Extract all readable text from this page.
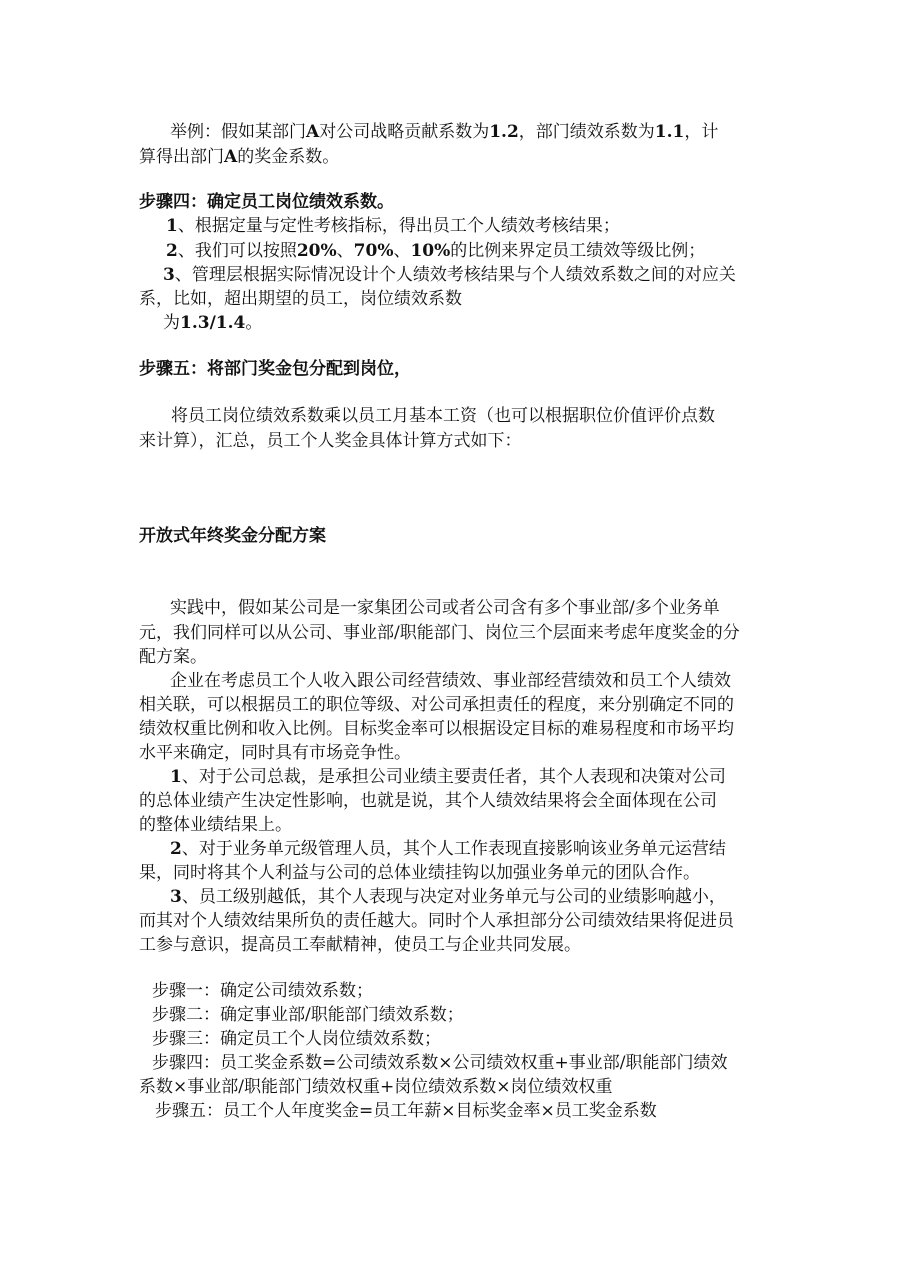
举例：假如某部门A对公司战略贡献系数为1.2，部门绩效系数为1.1，计
算得出部门A的奖金系数。
步骤四：确定员工岗位绩效系数。
1、根据定量与定性考核指标，得出员工个人绩效考核结果；
2、我们可以按照20%、70%、10%的比例来界定员工绩效等级比例；
3、管理层根据实际情况设计个人绩效考核结果与个人绩效系数之间的对应关
系，比如，超出期望的员工，岗位绩效系数
为1.3/1.4。
步骤五：将部门奖金包分配到岗位，
将员工岗位绩效系数乘以员工月基本工资（也可以根据职位价值评价点数
来计算），汇总，员工个人奖金具体计算方式如下：
开放式年终奖金分配方案
实践中，假如某公司是一家集团公司或者公司含有多个事业部/多个业务单
元，我们同样可以从公司、事业部/职能部门、岗位三个层面来考虑年度奖金的分
配方案。
企业在考虑员工个人收入跟公司经营绩效、事业部经营绩效和员工个人绩效
相关联，可以根据员工的职位等级、对公司承担责任的程度，来分别确定不同的
绩效权重比例和收入比例。目标奖金率可以根据设定目标的难易程度和市场平均
水平来确定，同时具有市场竞争性。
1、对于公司总裁，是承担公司业绩主要责任者，其个人表现和决策对公司
的总体业绩产生决定性影响，也就是说，其个人绩效结果将会全面体现在公司
的整体业绩结果上。
2、对于业务单元级管理人员，其个人工作表现直接影响该业务单元运营结
果，同时将其个人利益与公司的总体业绩挂钩以加强业务单元的团队合作。
3、员工级别越低，其个人表现与决定对业务单元与公司的业绩影响越小，
而其对个人绩效结果所负的责任越大。同时个人承担部分公司绩效结果将促进员
工参与意识，提高员工奉献精神，使员工与企业共同发展。
步骤一：确定公司绩效系数；
步骤二：确定事业部/职能部门绩效系数；
步骤三：确定员工个人岗位绩效系数；
步骤四：员工奖金系数=公司绩效系数×公司绩效权重+事业部/职能部门绩效
系数×事业部/职能部门绩效权重+岗位绩效系数×岗位绩效权重
步骤五：员工个人年度奖金=员工年薪×目标奖金率×员工奖金系数
